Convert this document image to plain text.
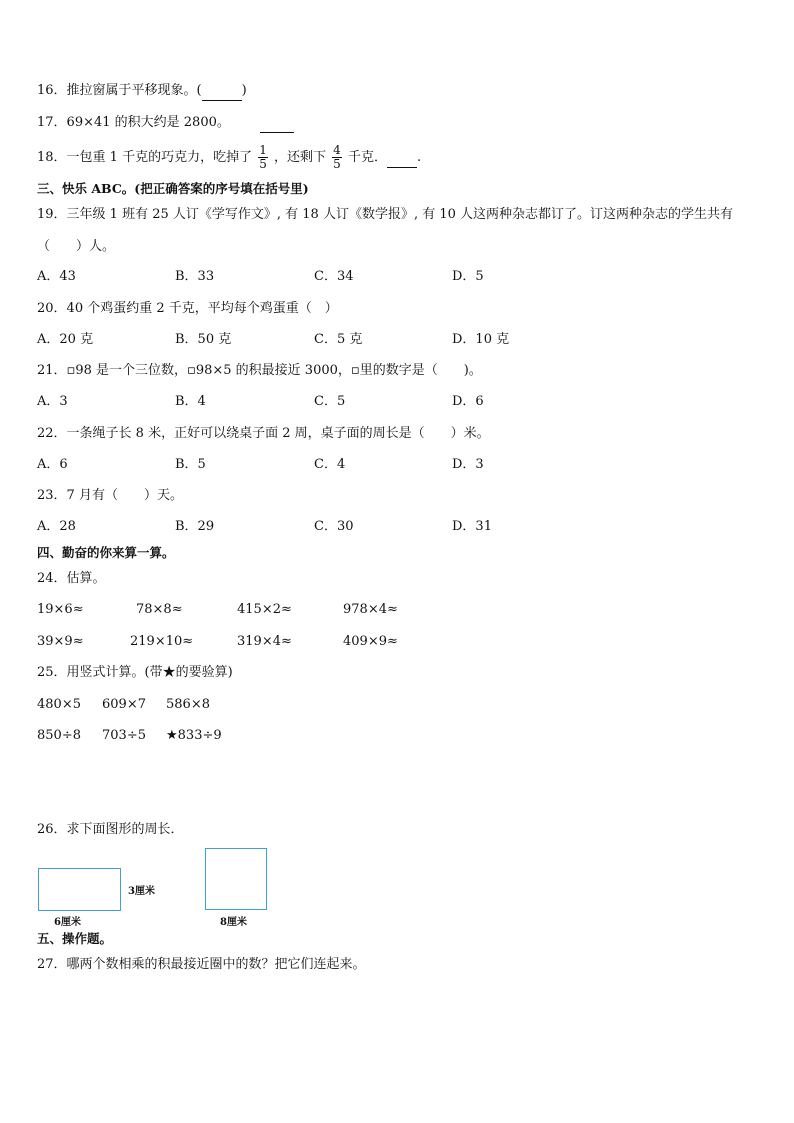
16．推拉窗属于平移现象。(	)
17．69×41 的积大约是 2800。
18．一包重 1 千克的巧克力，吃掉了 $\frac{1}{5}$ ，还剩下 $\frac{4}{5}$ 千克． .
三、快乐 ABC。(把正确答案的序号填在括号里)
19．三年级 1 班有 25 人订《学写作文》, 有 18 人订《数学报》, 有 10 人这两种杂志都订了。订这两种杂志的学生共有
（　　）人。
A．43	B．33	C．34	D．5
20．40 个鸡蛋约重 2 千克，平均每个鸡蛋重（　）
A．20 克	B．50 克	C．5 克	D．10 克
21．▫98 是一个三位数，▫98×5 的积最接近 3000，▫里的数字是（　　)。
A．3	B．4	C．5	D．6
22．一条绳子长 8 米，正好可以绕桌子面 2 周，桌子面的周长是（　　）米。
A．6	B．5	C．4	D．3
23．7 月有（　　）天。
A．28	B．29	C．30	D．31
四、勤奋的你来算一算。
24．估算。
19×6≈	78×8≈	415×2≈	978×4≈
39×9≈	219×10≈	319×4≈	409×9≈
25．用竖式计算。(带★的要验算)
480×5 609×7 586×8
850÷8 703÷5 ★833÷9
26．求下面图形的周长．
3厘米
6厘米	8厘米
五、操作题。
27．哪两个数相乘的积最接近圈中的数？把它们连起来。
